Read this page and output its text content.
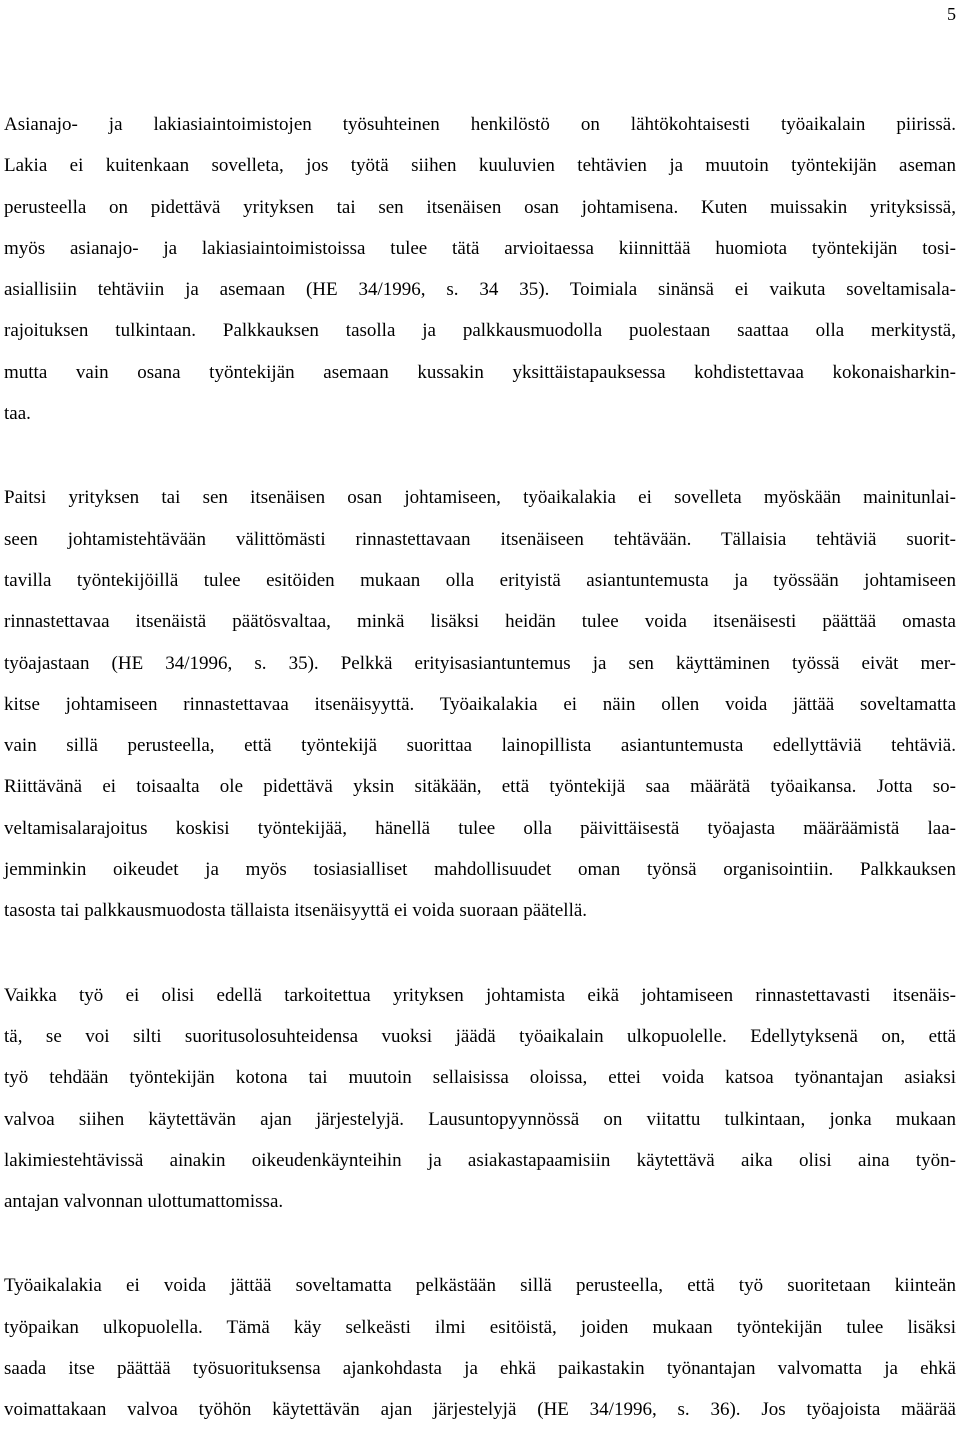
5

Asianajo- ja lakiasiaintoimistojen työsuhteinen henkilöstö on lähtökohtaisesti työaikalain piirissä.
Lakia ei kuitenkaan sovelleta, jos työtä siihen kuuluvien tehtävien ja muutoin työntekijän aseman
perusteella on pidettävä yrityksen tai sen itsenäisen osan johtamisena. Kuten muissakin yrityksissä,
myös asianajo- ja lakiasiaintoimistoissa tulee tätä arvioitaessa kiinnittää huomiota työntekijän tosi-
asiallisiin tehtäviin ja asemaan (HE 34/1996, s. 34 35). Toimiala sinänsä ei vaikuta soveltamisala-
rajoituksen tulkintaan. Palkkauksen tasolla ja palkkausmuodolla puolestaan saattaa olla merkitystä,
mutta vain osana työntekijän asemaan kussakin yksittäistapauksessa kohdistettavaa kokonaisharkin-
taa.

Paitsi yrityksen tai sen itsenäisen osan johtamiseen, työaikalakia ei sovelleta myöskään mainitunlai-
seen johtamistehtävään välittömästi rinnastettavaan itsenäiseen tehtävään. Tällaisia tehtäviä suorit-
tavilla työntekijöillä tulee esitöiden mukaan olla erityistä asiantuntemusta ja työssään johtamiseen
rinnastettavaa itsenäistä päätösvaltaa, minkä lisäksi heidän tulee voida itsenäisesti päättää omasta
työajastaan (HE 34/1996, s. 35). Pelkkä erityisasiantuntemus ja sen käyttäminen työssä eivät mer-
kitse johtamiseen rinnastettavaa itsenäisyyttä. Työaikalakia ei näin ollen voida jättää soveltamatta
vain sillä perusteella, että työntekijä suorittaa lainopillista asiantuntemusta edellyttäviä tehtäviä.
Riittävänä ei toisaalta ole pidettävä yksin sitäkään, että työntekijä saa määrätä työaikansa. Jotta so-
veltamisalarajoitus koskisi työntekijää, hänellä tulee olla päivittäisestä työajasta määräämistä laa-
jemminkin oikeudet ja myös tosiasialliset mahdollisuudet oman työnsä organisointiin. Palkkauksen
tasosta tai palkkausmuodosta tällaista itsenäisyyttä ei voida suoraan päätellä.

Vaikka työ ei olisi edellä tarkoitettua yrityksen johtamista eikä johtamiseen rinnastettavasti itsenäis-
tä, se voi silti suoritusolosuhteidensa vuoksi jäädä työaikalain ulkopuolelle. Edellytyksenä on, että
työ tehdään työntekijän kotona tai muutoin sellaisissa oloissa, ettei voida katsoa työnantajan asiaksi
valvoa siihen käytettävän ajan järjestelyjä. Lausuntopyynnössä on viitattu tulkintaan, jonka mukaan
lakimiestehtävissä ainakin oikeudenkäynteihin ja asiakastapaamisiin käytettävä aika olisi aina työn-
antajan valvonnan ulottumattomissa.

Työaikalakia ei voida jättää soveltamatta pelkästään sillä perusteella, että työ suoritetaan kiinteän
työpaikan ulkopuolella. Tämä käy selkeästi ilmi esitöistä, joiden mukaan työntekijän tulee lisäksi
saada itse päättää työsuorituksensa ajankohdasta ja ehkä paikastakin työnantajan valvomatta ja ehkä
voimattakaan valvoa työhön käytettävän ajan järjestelyjä (HE 34/1996, s. 36). Jos työajoista määrää
